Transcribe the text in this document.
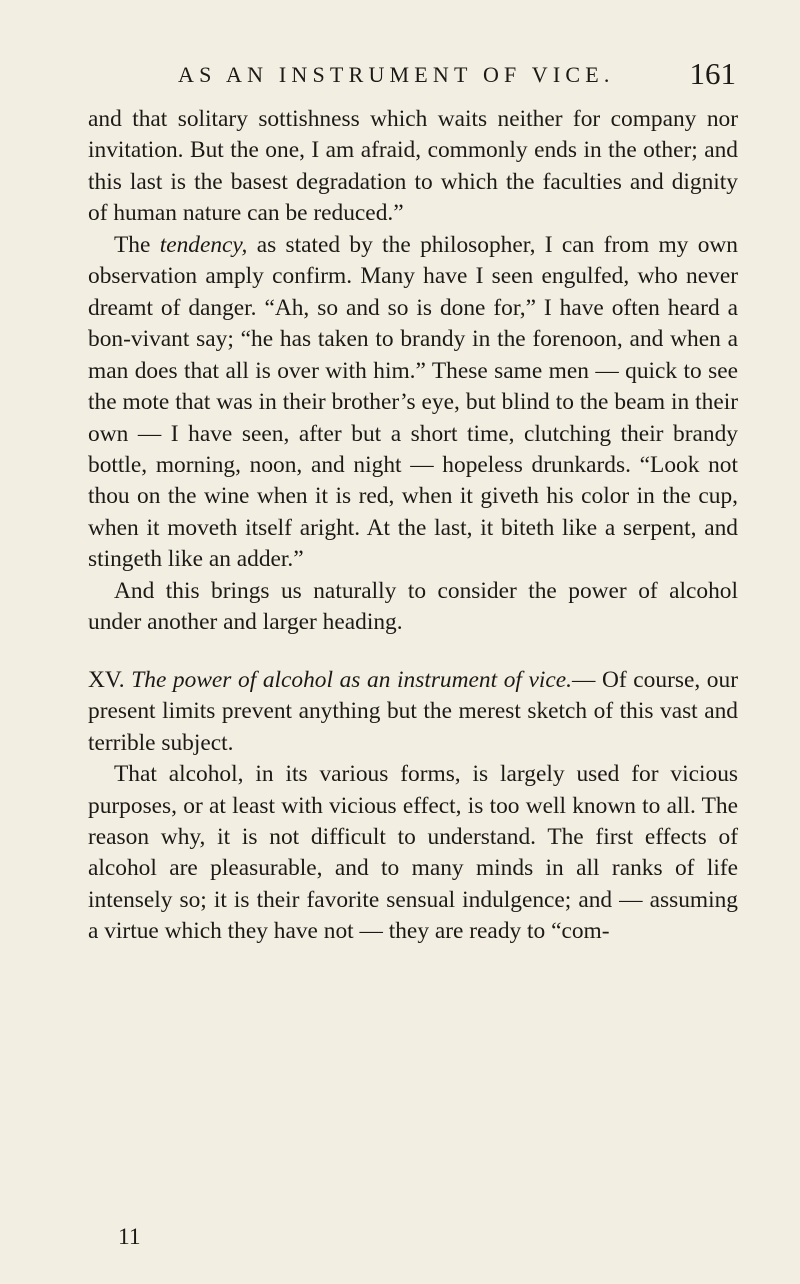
AS AN INSTRUMENT OF VICE. 161

and that solitary sottishness which waits neither for company nor invitation. But the one, I am afraid, commonly ends in the other; and this last is the basest degradation to which the faculties and dignity of human nature can be reduced.”

The tendency, as stated by the philosopher, I can from my own observation amply confirm. Many have I seen engulfed, who never dreamt of danger. “Ah, so and so is done for,” I have often heard a bon-vivant say; “he has taken to brandy in the forenoon, and when a man does that all is over with him.” These same men — quick to see the mote that was in their brother’s eye, but blind to the beam in their own — I have seen, after but a short time, clutching their brandy bottle, morning, noon, and night — hopeless drunkards. “Look not thou on the wine when it is red, when it giveth his color in the cup, when it moveth itself aright. At the last, it biteth like a serpent, and stingeth like an adder.”

And this brings us naturally to consider the power of alcohol under another and larger heading.

XV. The power of alcohol as an instrument of vice.— Of course, our present limits prevent anything but the merest sketch of this vast and terrible subject.

That alcohol, in its various forms, is largely used for vicious purposes, or at least with vicious effect, is too well known to all. The reason why, it is not difficult to understand. The first effects of alcohol are pleasurable, and to many minds in all ranks of life intensely so; it is their favorite sensual indulgence; and — assuming a virtue which they have not — they are ready to “com-

11
